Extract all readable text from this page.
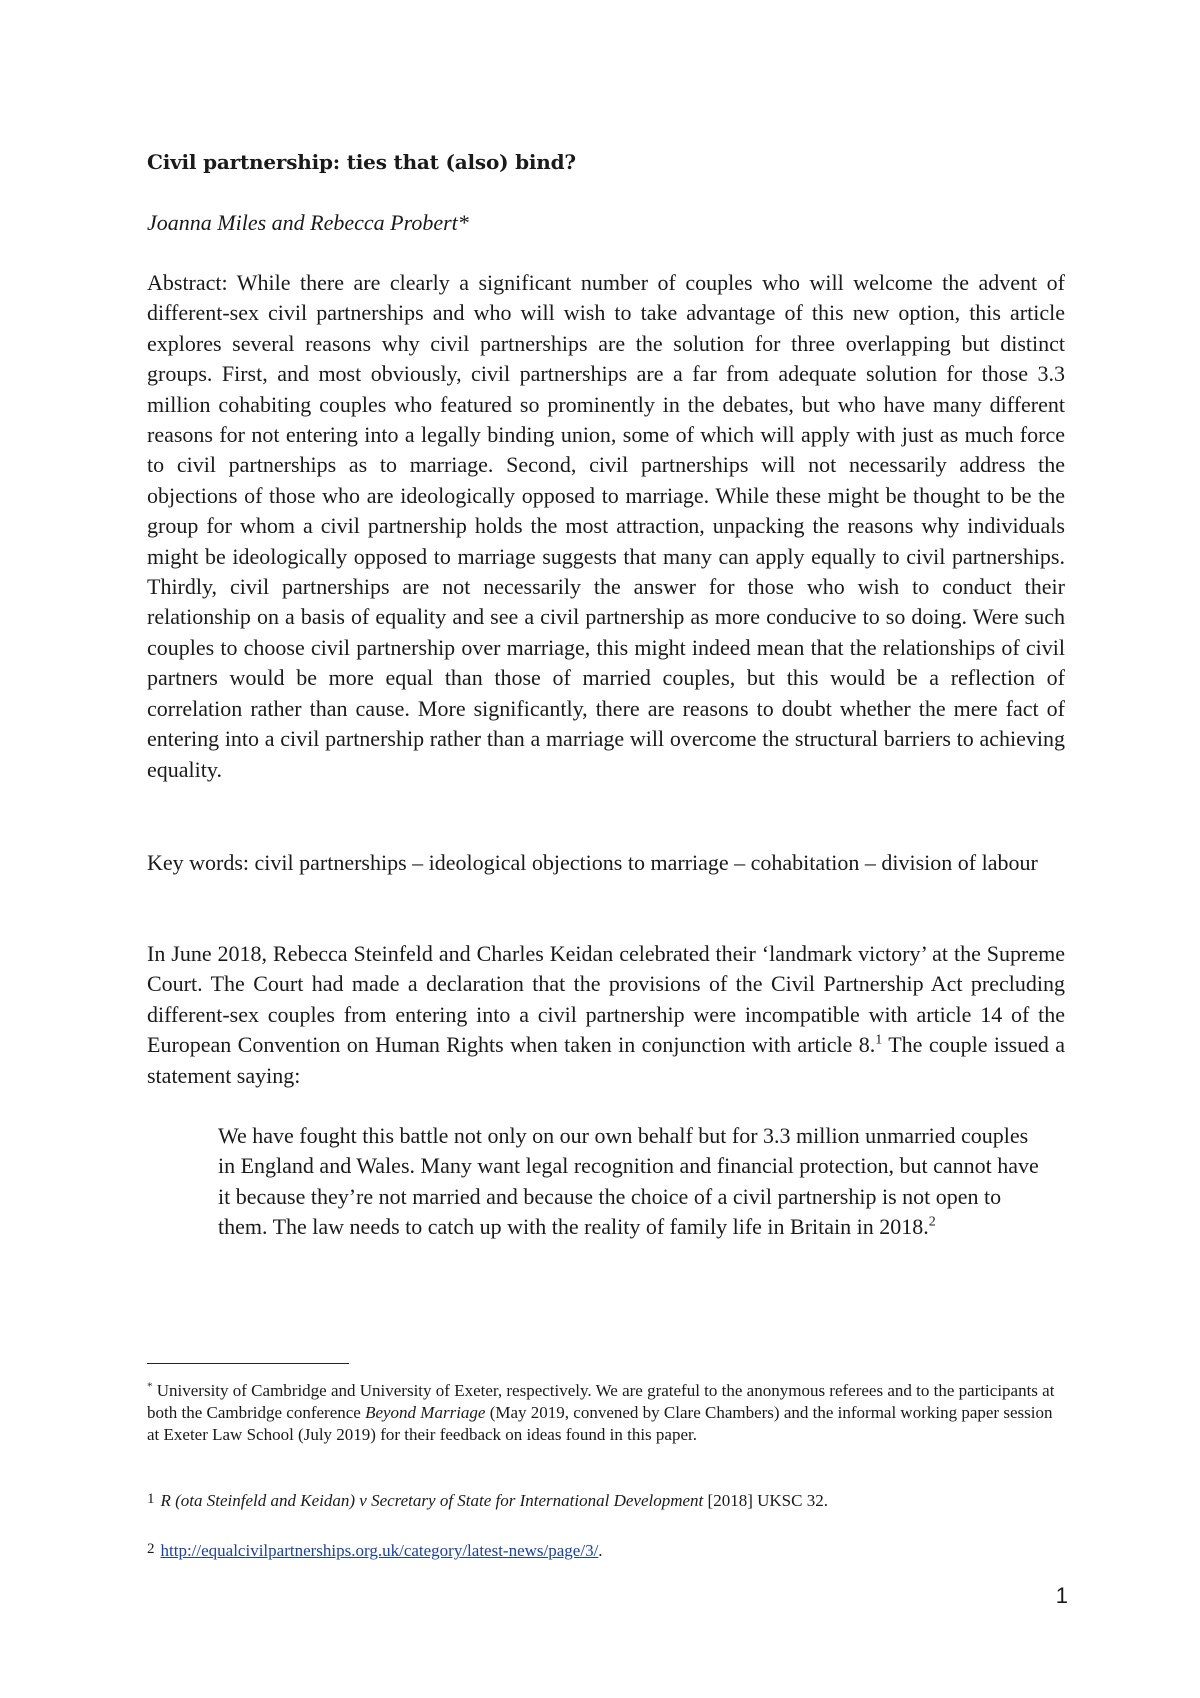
Civil partnership: ties that (also) bind?

Joanna Miles and Rebecca Probert*

Abstract: While there are clearly a significant number of couples who will welcome the advent of different-sex civil partnerships and who will wish to take advantage of this new option, this article explores several reasons why civil partnerships are the solution for three overlapping but distinct groups. First, and most obviously, civil partnerships are a far from adequate solution for those 3.3 million cohabiting couples who featured so prominently in the debates, but who have many different reasons for not entering into a legally binding union, some of which will apply with just as much force to civil partnerships as to marriage. Second, civil partnerships will not necessarily address the objections of those who are ideologically opposed to marriage. While these might be thought to be the group for whom a civil partnership holds the most attraction, unpacking the reasons why individuals might be ideologically opposed to marriage suggests that many can apply equally to civil partnerships. Thirdly, civil partnerships are not necessarily the answer for those who wish to conduct their relationship on a basis of equality and see a civil partnership as more conducive to so doing. Were such couples to choose civil partnership over marriage, this might indeed mean that the relationships of civil partners would be more equal than those of married couples, but this would be a reflection of correlation rather than cause. More significantly, there are reasons to doubt whether the mere fact of entering into a civil partnership rather than a marriage will overcome the structural barriers to achieving equality.

Key words: civil partnerships – ideological objections to marriage – cohabitation – division of labour

In June 2018, Rebecca Steinfeld and Charles Keidan celebrated their ‘landmark victory’ at the Supreme Court. The Court had made a declaration that the provisions of the Civil Partnership Act precluding different-sex couples from entering into a civil partnership were incompatible with article 14 of the European Convention on Human Rights when taken in conjunction with article 8.$^1$ The couple issued a statement saying:

We have fought this battle not only on our own behalf but for 3.3 million unmarried couples in England and Wales. Many want legal recognition and financial protection, but cannot have it because they’re not married and because the choice of a civil partnership is not open to them. The law needs to catch up with the reality of family life in Britain in 2018.$^2$

* University of Cambridge and University of Exeter, respectively. We are grateful to the anonymous referees and to the participants at both the Cambridge conference Beyond Marriage (May 2019, convened by Clare Chambers) and the informal working paper session at Exeter Law School (July 2019) for their feedback on ideas found in this paper.

1 R (ota Steinfeld and Keidan) v Secretary of State for International Development [2018] UKSC 32.

2 http://equalcivilpartnerships.org.uk/category/latest-news/page/3/.

1
